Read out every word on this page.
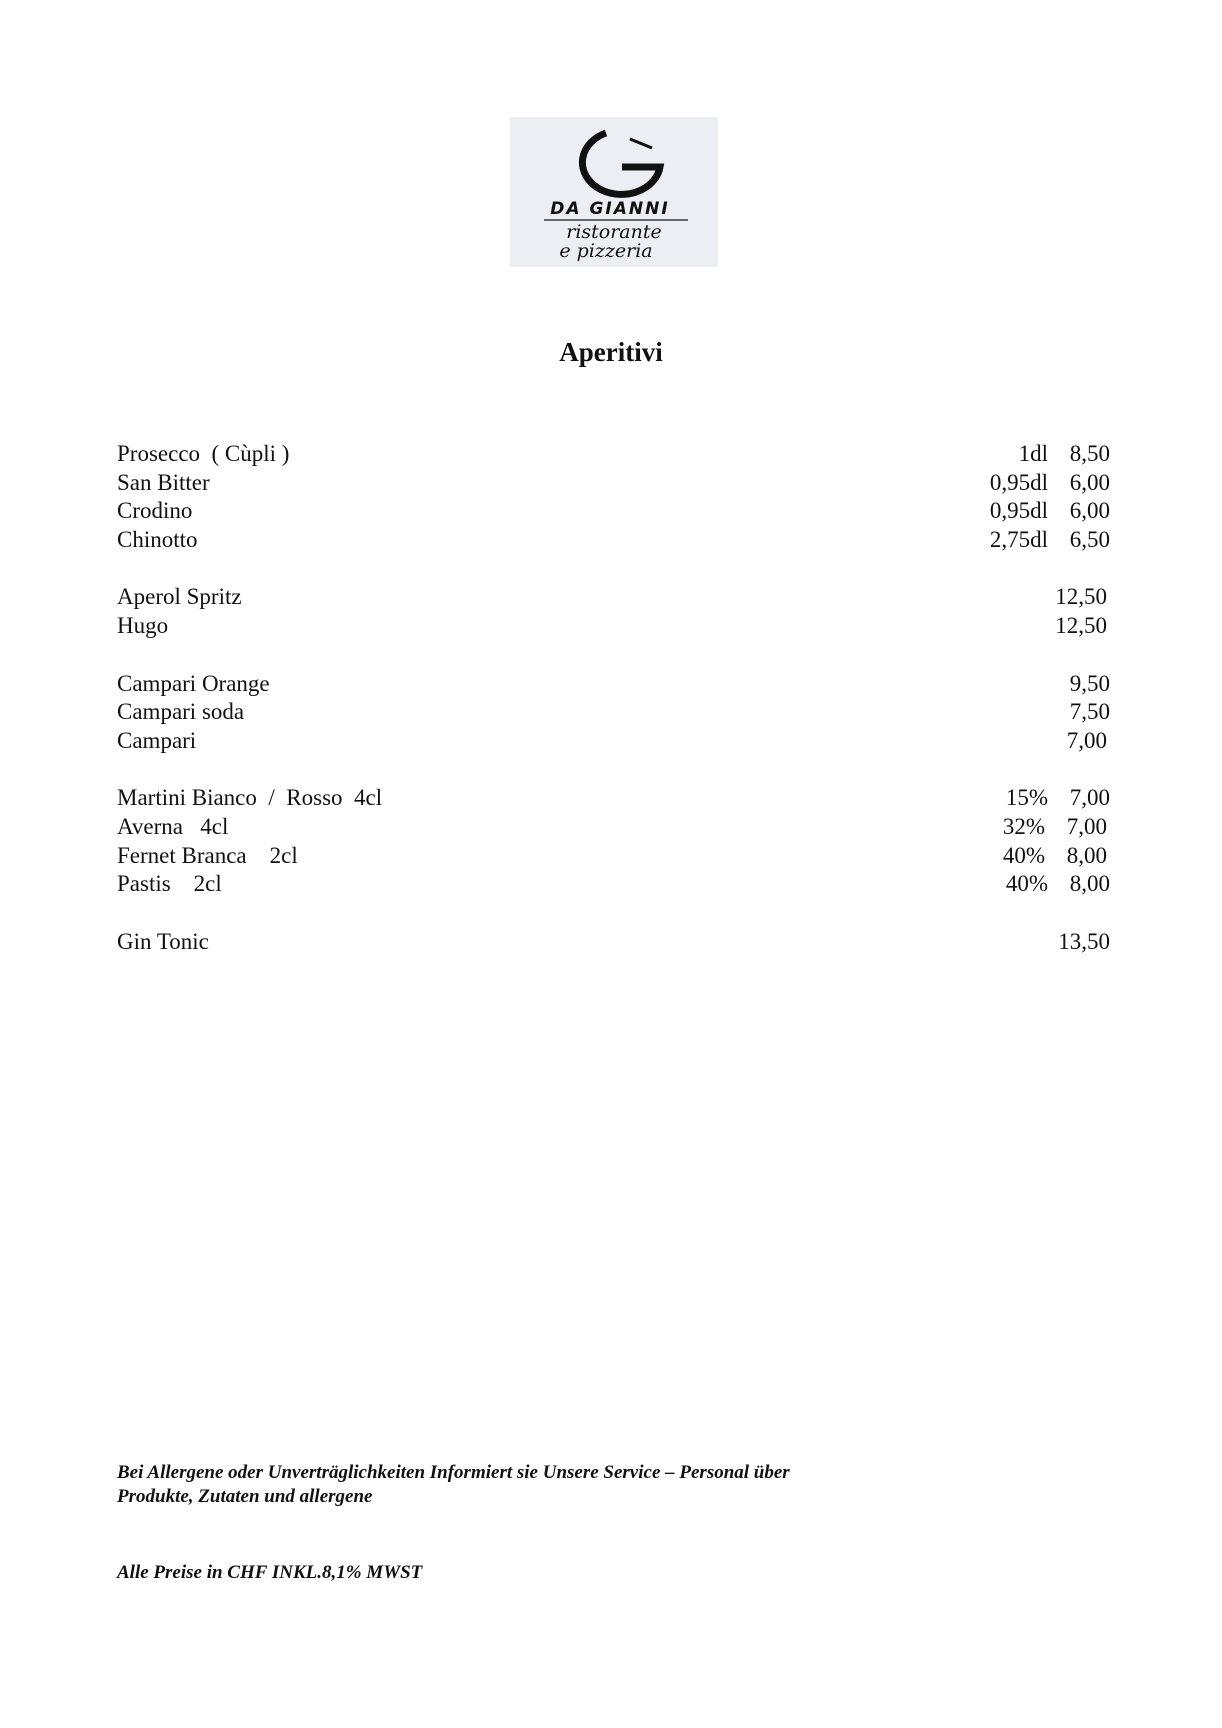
DA GIANNI
ristorante
e pizzeria
Aperitivi
Prosecco  ( Cùpli )	1dl 8,50
San Bitter	0,95dl 6,00
Crodino	0,95dl 6,00
Chinotto	2,75dl 6,50
Aperol Spritz	12,50
Hugo	12,50
Campari Orange	9,50
Campari soda	7,50
Campari	7,00
Martini Bianco  /  Rosso  4cl	15% 7,00
Averna   4cl	32% 7,00
Fernet Branca    2cl	40% 8,00
Pastis    2cl	40% 8,00
Gin Tonic	13,50
Bei Allergene oder Unverträglichkeiten Informiert sie Unsere Service – Personal über
Produkte, Zutaten und allergene
Alle Preise in CHF INKL.8,1% MWST
